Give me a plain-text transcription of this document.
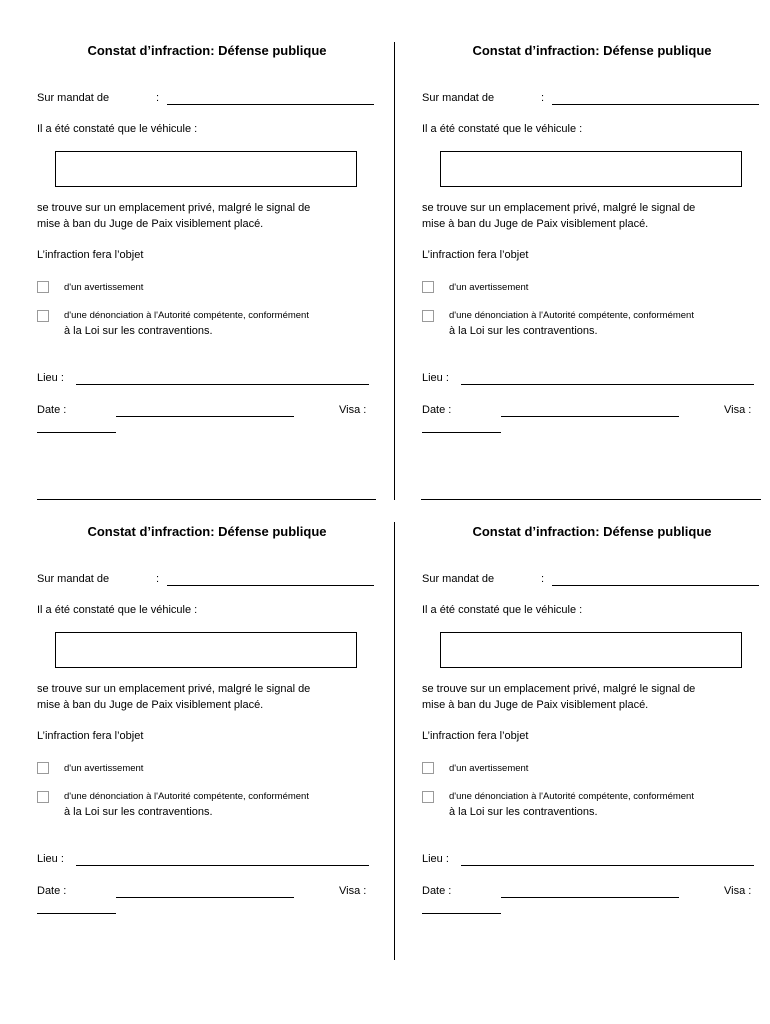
Constat d’infraction: Défense publique
Sur mandat de	:
Il a été constaté que le véhicule :
se trouve sur un emplacement privé, malgré le signal de
mise à ban du Juge de Paix visiblement placé.
L’infraction fera l’objet
d'un avertissement
d'une dénonciation à l'Autorité compétente, conformément
à la Loi sur les contraventions.
Lieu :
Date :	Visa :
Constat d’infraction: Défense publique
Sur mandat de	:
Il a été constaté que le véhicule :
se trouve sur un emplacement privé, malgré le signal de
mise à ban du Juge de Paix visiblement placé.
L’infraction fera l’objet
d'un avertissement
d'une dénonciation à l'Autorité compétente, conformément
à la Loi sur les contraventions.
Lieu :
Date :	Visa :
Constat d’infraction: Défense publique
Sur mandat de	:
Il a été constaté que le véhicule :
se trouve sur un emplacement privé, malgré le signal de
mise à ban du Juge de Paix visiblement placé.
L’infraction fera l’objet
d'un avertissement
d'une dénonciation à l'Autorité compétente, conformément
à la Loi sur les contraventions.
Lieu :
Date :	Visa :
Constat d’infraction: Défense publique
Sur mandat de	:
Il a été constaté que le véhicule :
se trouve sur un emplacement privé, malgré le signal de
mise à ban du Juge de Paix visiblement placé.
L’infraction fera l’objet
d'un avertissement
d'une dénonciation à l'Autorité compétente, conformément
à la Loi sur les contraventions.
Lieu :
Date :	Visa :
